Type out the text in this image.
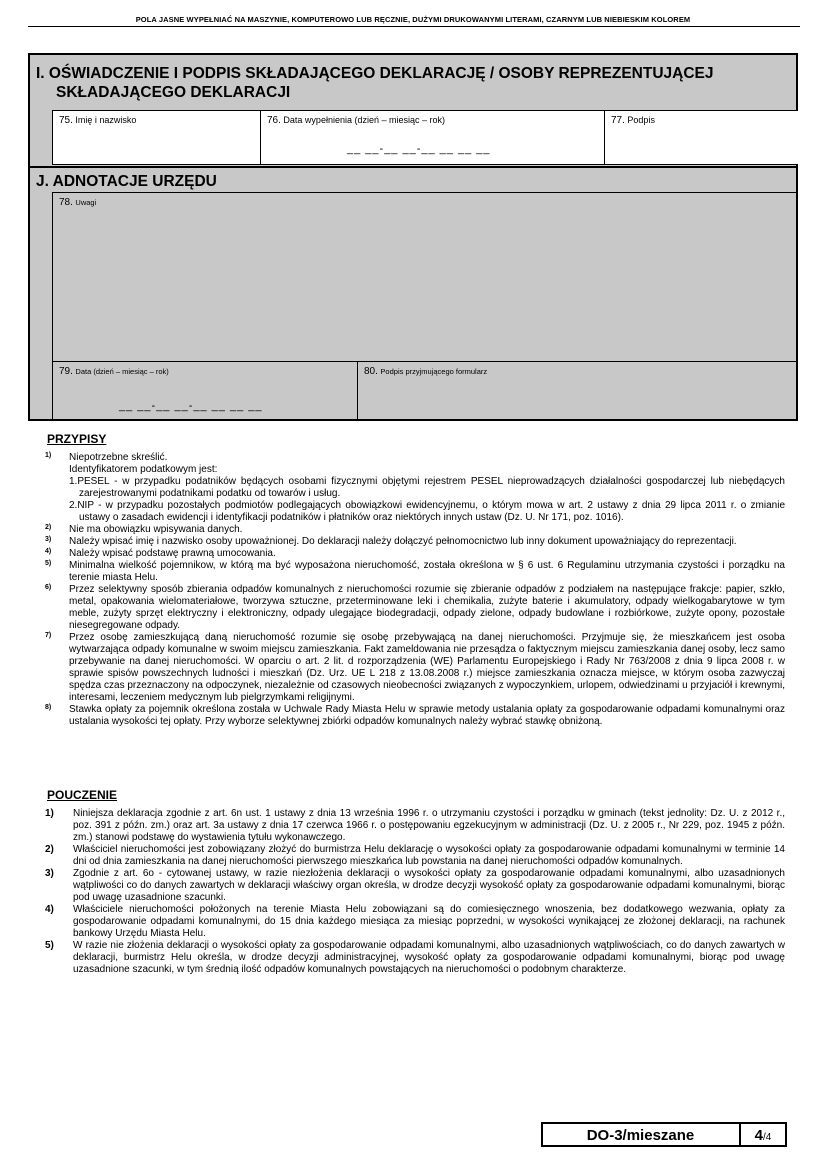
POLA JASNE WYPEŁNIAĆ NA MASZYNIE, KOMPUTEROWO LUB RĘCZNIE, DUŻYMI DRUKOWANYMI LITERAMI, CZARNYM LUB NIEBIESKIM KOLOREM
I. OŚWIADCZENIE I PODPIS SKŁADAJĄCEGO DEKLARACJĘ / OSOBY REPREZENTUJĄCEJ
SKŁADAJĄCEGO DEKLARACJI
75. Imię i nazwisko	76. Data wypełnienia (dzień – miesiąc – rok)
__ __-__ __-__ __ __ __
77. Podpis
J. ADNOTACJE URZĘDU
78. Uwagi
79. Data (dzień – miesiąc – rok)
__ __-__ __-__ __ __ __
80. Podpis przyjmującego formularz
PRZYPISY
1) Niepotrzebne skreślić.
Identyfikatorem podatkowym jest:
1.PESEL - w przypadku podatników będących osobami fizycznymi objętymi rejestrem PESEL nieprowadzących działalności gospodarczej lub niebędących zarejestrowanymi podatnikami podatku od towarów i usług.
2.NIP - w przypadku pozostałych podmiotów podlegających obowiązkowi ewidencyjnemu, o którym mowa w art. 2 ustawy z dnia 29 lipca 2011 r. o zmianie ustawy o zasadach ewidencji i identyfikacji podatników i płatników oraz niektórych innych ustaw (Dz. U. Nr 171, poz. 1016).
2) Nie ma obowiązku wpisywania danych.
3) Należy wpisać imię i nazwisko osoby upoważnionej. Do deklaracji należy dołączyć pełnomocnictwo lub inny dokument upoważniający do reprezentacji.
4) Należy wpisać podstawę prawną umocowania.
5) Minimalna wielkość pojemnikow, w którą ma być wyposażona nieruchomość, została określona w § 6 ust. 6 Regulaminu utrzymania czystości i porządku na terenie miasta Helu.
6) Przez selektywny sposób zbierania odpadów komunalnych z nieruchomości rozumie się zbieranie odpadów z podziałem na następujące frakcje: papier, szkło, metal, opakowania wielomateriałowe, tworzywa sztuczne, przeterminowane leki i chemikalia, zużyte baterie i akumulatory, odpady wielkogabarytowe w tym meble, zużyty sprzęt elektryczny i elektroniczny, odpady ulegające biodegradacji, odpady zielone, odpady budowlane i rozbiórkowe, zużyte opony, pozostałe niesegregowane odpady.
7) Przez osobę zamieszkującą daną nieruchomość rozumie się osobę przebywającą na danej nieruchomości. Przyjmuje się, że mieszkańcem jest osoba wytwarzająca odpady komunalne w swoim miejscu zamieszkania. Fakt zameldowania nie przesądza o faktycznym miejscu zamieszkania danej osoby, lecz samo przebywanie na danej nieruchomości. W oparciu o art. 2 lit. d rozporządzenia (WE) Parlamentu Europejskiego i Rady Nr 763/2008 z dnia 9 lipca 2008 r. w sprawie spisów powszechnych ludności i mieszkań (Dz. Urz. UE L 218 z 13.08.2008 r.) miejsce zamieszkania oznacza miejsce, w którym osoba zazwyczaj spędza czas przeznaczony na odpoczynek, niezależnie od czasowych nieobecności związanych z wypoczynkiem, urlopem, odwiedzinami u przyjaciół i krewnymi, interesami, leczeniem medycznym lub pielgrzymkami religijnymi.
8) Stawka opłaty za pojemnik określona została w Uchwale Rady Miasta Helu w sprawie metody ustalania opłaty za gospodarowanie odpadami komunalnymi oraz ustalania wysokości tej opłaty. Przy wyborze selektywnej zbiórki odpadów komunalnych należy wybrać stawkę obniżoną.
POUCZENIE
1) Niniejsza deklaracja zgodnie z art. 6n ust. 1 ustawy z dnia 13 września 1996 r. o utrzymaniu czystości i porządku w gminach (tekst jednolity: Dz. U. z 2012 r., poz. 391 z późn. zm.) oraz art. 3a ustawy z dnia 17 czerwca 1966 r. o postępowaniu egzekucyjnym w administracji (Dz. U. z 2005 r., Nr 229, poz. 1945 z późn. zm.) stanowi podstawę do wystawienia tytułu wykonawczego.
2) Właściciel nieruchomości jest zobowiązany złożyć do burmistrza Helu deklarację o wysokości opłaty za gospodarowanie odpadami komunalnymi w terminie 14 dni od dnia zamieszkania na danej nieruchomości pierwszego mieszkańca lub powstania na danej nieruchomości odpadów komunalnych.
3) Zgodnie z art. 6o - cytowanej ustawy, w razie niezłożenia deklaracji o wysokości opłaty za gospodarowanie odpadami komunalnymi, albo uzasadnionych wątpliwości co do danych zawartych w deklaracji właściwy organ określa, w drodze decyzji wysokość opłaty za gospodarowanie odpadami komunalnymi, biorąc pod uwagę uzasadnione szacunki.
4) Właściciele nieruchomości położonych na terenie Miasta Helu zobowiązani są do comiesięcznego wnoszenia, bez dodatkowego wezwania, opłaty za gospodarowanie odpadami komunalnymi, do 15 dnia każdego miesiąca za miesiąc poprzedni, w wysokości wynikającej ze złożonej deklaracji, na rachunek bankowy Urzędu Miasta Helu.
5) W razie nie złożenia deklaracji o wysokości opłaty za gospodarowanie odpadami komunalnymi, albo uzasadnionych wątpliwościach, co do danych zawartych w deklaracji, burmistrz Helu określa, w drodze decyzji administracyjnej, wysokość opłaty za gospodarowanie odpadami komunalnymi, biorąc pod uwagę uzasadnione szacunki, w tym średnią ilość odpadów komunalnych powstających na nieruchomości o podobnym charakterze.
DO-3/mieszane	4/4
